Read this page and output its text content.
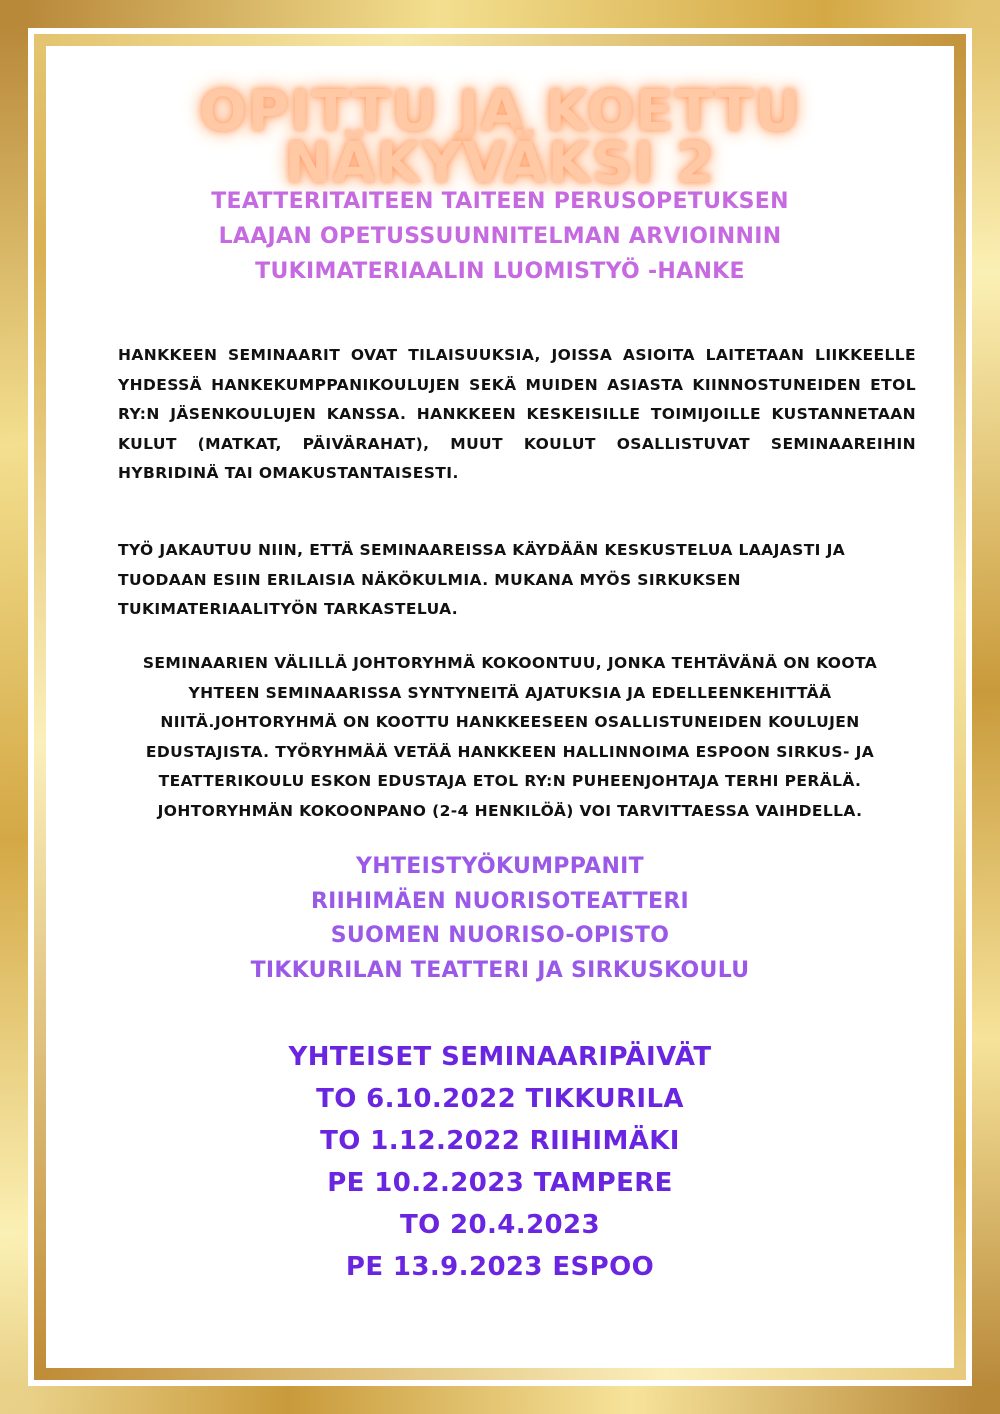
OPITTU JA KOETTU
NÄKYVÄKSI 2
TEATTERITAITEEN TAITEEN PERUSOPETUKSEN
LAAJAN OPETUSSUUNNITELMAN ARVIOINNIN
TUKIMATERIAALIN LUOMISTYÖ -HANKE
HANKKEEN SEMINAARIT OVAT TILAISUUKSIA, JOISSA ASIOITA LAITETAAN LIIKKEELLE YHDESSÄ HANKEKUMPPANIKOULUJEN SEKÄ MUIDEN ASIASTA KIINNOSTUNEIDEN ETOL RY:N JÄSENKOULUJEN KANSSA. HANKKEEN KESKEISILLE TOIMIJOILLE KUSTANNETAAN KULUT (MATKAT, PÄIVÄRAHAT), MUUT KOULUT OSALLISTUVAT SEMINAAREIHIN HYBRIDINÄ TAI OMAKUSTANTAISESTI.
TYÖ JAKAUTUU NIIN, ETTÄ SEMINAAREISSA KÄYDÄÄN KESKUSTELUA LAAJASTI JA TUODAAN ESIIN ERILAISIA NÄKÖKULMIA. MUKANA MYÖS SIRKUKSEN TUKIMATERIAALITYÖN TARKASTELUA.
SEMINAARIEN VÄLILLÄ JOHTORYHMÄ KOKOONTUU, JONKA TEHTÄVÄNÄ ON KOOTA YHTEEN SEMINAARISSA SYNTYNEITÄ AJATUKSIA JA EDELLEENKEHITTÄÄ NIITÄ.JOHTORYHMÄ ON KOOTTU HANKKEESEEN OSALLISTUNEIDEN KOULUJEN EDUSTAJISTA. TYÖRYHMÄÄ VETÄÄ HANKKEEN HALLINNOIMA ESPOON SIRKUS- JA TEATTERIKOULU ESKON EDUSTAJA ETOL RY:N PUHEENJOHTAJA TERHI PERÄLÄ. JOHTORYHMÄN KOKOONPANO (2-4 HENKILÖÄ) VOI TARVITTAESSA VAIHDELLA.
YHTEISTYÖKUMPPANIT
RIIHIMÄEN NUORISOTEATTERI
SUOMEN NUORISO-OPISTO
TIKKURILAN TEATTERI JA SIRKUSKOULU
YHTEISET SEMINAARIPÄIVÄT
TO 6.10.2022 TIKKURILA
TO 1.12.2022 RIIHIMÄKI
PE 10.2.2023 TAMPERE
TO 20.4.2023
PE 13.9.2023 ESPOO
